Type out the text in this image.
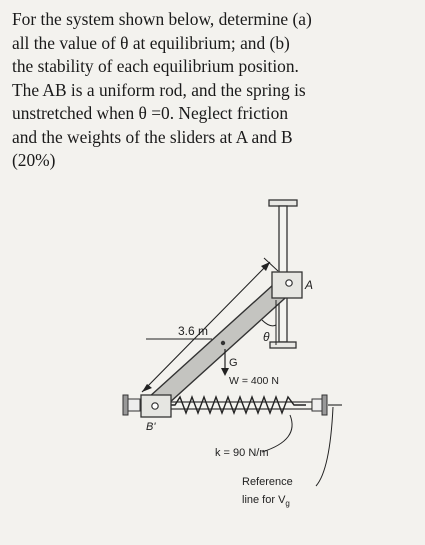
For the system shown below, determine (a)
all the value of θ at equilibrium; and (b)
the stability of each equilibrium position.
The AB is a uniform rod, and the spring is
unstretched when θ =0. Neglect friction
and the weights of the sliders at A and B
(20%)
3.6 m	θ
G
W = 400 N
A
B'
k = 90 N/m
Reference
line for $V_g$
